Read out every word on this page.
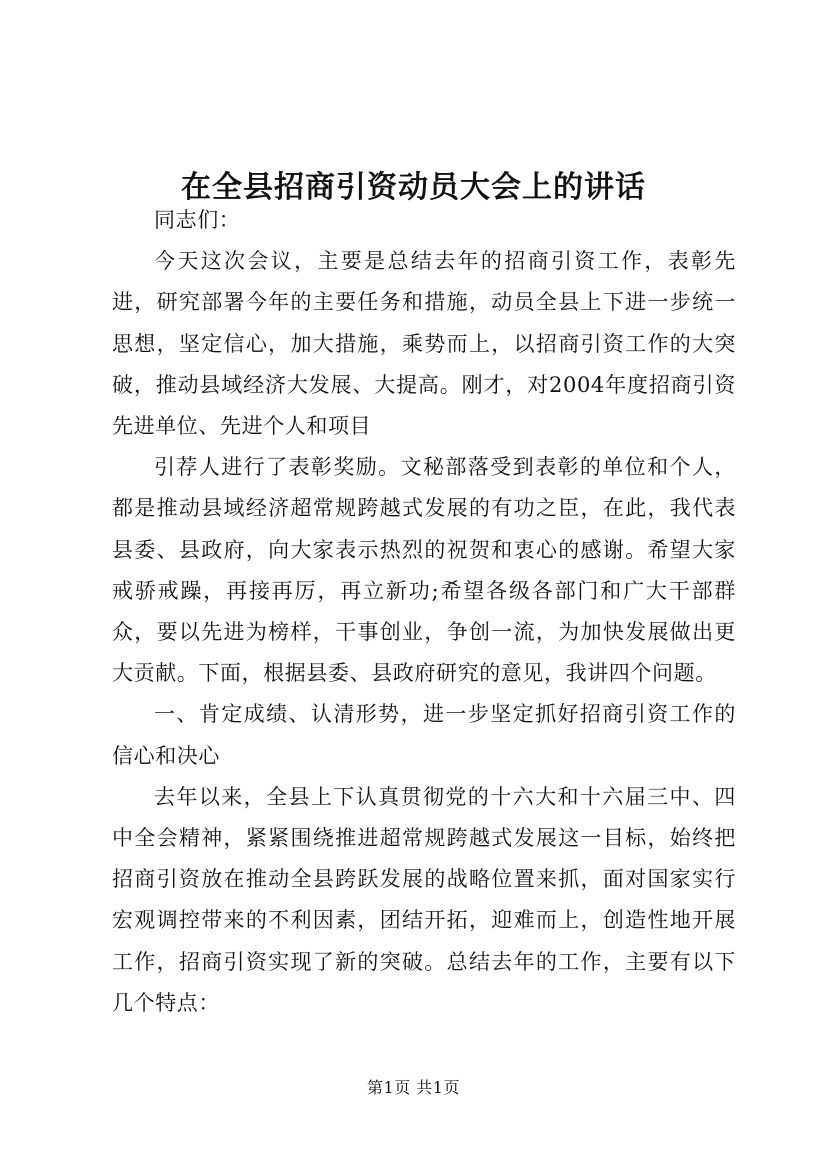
在全县招商引资动员大会上的讲话

同志们：

今天这次会议，主要是总结去年的招商引资工作，表彰先进，研究部署今年的主要任务和措施，动员全县上下进一步统一思想，坚定信心，加大措施，乘势而上，以招商引资工作的大突破，推动县域经济大发展、大提高。刚才，对2004年度招商引资先进单位、先进个人和项目

引荐人进行了表彰奖励。文秘部落受到表彰的单位和个人，都是推动县域经济超常规跨越式发展的有功之臣，在此，我代表县委、县政府，向大家表示热烈的祝贺和衷心的感谢。希望大家戒骄戒躁，再接再厉，再立新功;希望各级各部门和广大干部群众，要以先进为榜样，干事创业，争创一流，为加快发展做出更大贡献。下面，根据县委、县政府研究的意见，我讲四个问题。

一、肯定成绩、认清形势，进一步坚定抓好招商引资工作的信心和决心

去年以来，全县上下认真贯彻党的十六大和十六届三中、四中全会精神，紧紧围绕推进超常规跨越式发展这一目标，始终把招商引资放在推动全县跨跃发展的战略位置来抓，面对国家实行宏观调控带来的不利因素，团结开拓，迎难而上，创造性地开展工作，招商引资实现了新的突破。总结去年的工作，主要有以下几个特点：

第1页 共1页
